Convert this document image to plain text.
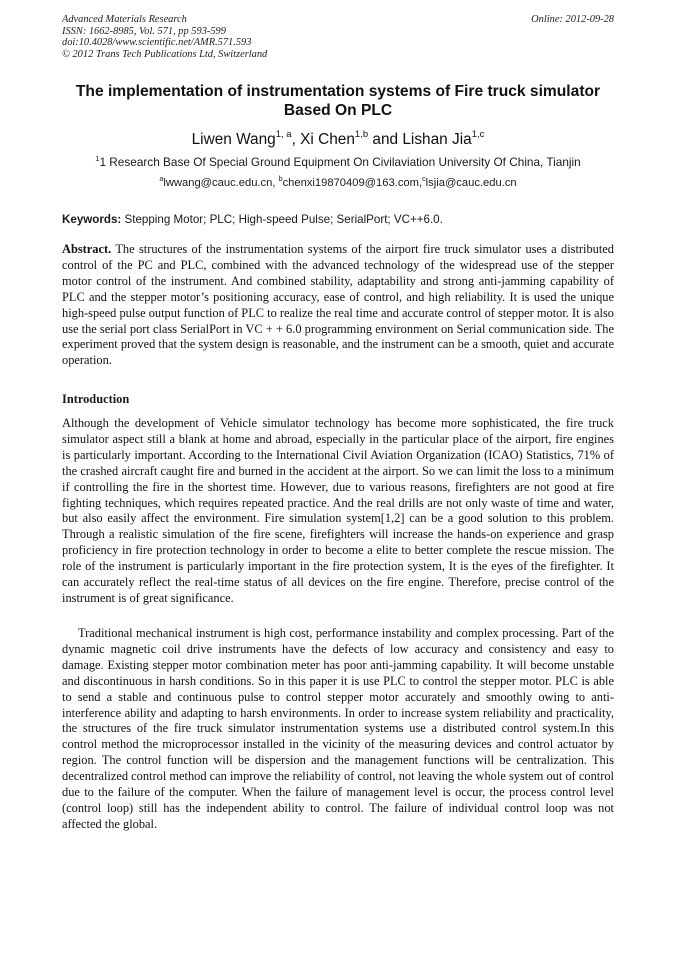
Advanced Materials Research
ISSN: 1662-8985, Vol. 571, pp 593-599
doi:10.4028/www.scientific.net/AMR.571.593
© 2012 Trans Tech Publications Ltd, Switzerland
Online: 2012-09-28
The implementation of instrumentation systems of Fire truck simulator
Based On PLC
Liwen Wang$^{1, a}$, Xi Chen$^{1,b}$ and Lishan Jia$^{1,c}$
$^1$1 Research Base Of Special Ground Equipment On Civilaviation University Of China, Tianjin
$^a$lwwang@cauc.edu.cn, $^b$chenxi19870409@163.com,$^c$lsjia@cauc.edu.cn
Keywords: Stepping Motor; PLC; High-speed Pulse; SerialPort; VC++6.0.
Abstract. The structures of the instrumentation systems of the airport fire truck simulator uses a distributed control of the PC and PLC, combined with the advanced technology of the widespread use of the stepper motor control of the instrument. And combined stability, adaptability and strong anti-jamming capability of PLC and the stepper motor’s positioning accuracy, ease of control, and high reliability. It is used the unique high-speed pulse output function of PLC to realize the real time and accurate control of stepper motor. It is also use the serial port class SerialPort in VC + + 6.0 programming environment on Serial communication side. The experiment proved that the system design is reasonable, and the instrument can be a smooth, quiet and accurate operation.
Introduction
Although the development of Vehicle simulator technology has become more sophisticated, the fire truck simulator aspect still a blank at home and abroad, especially in the particular place of the airport, fire engines is particularly important. According to the International Civil Aviation Organization (ICAO) Statistics, 71% of the crashed aircraft caught fire and burned in the accident at the airport. So we can limit the loss to a minimum if controlling the fire in the shortest time. However, due to various reasons, firefighters are not good at fire fighting techniques, which requires repeated practice. And the real drills are not only waste of time and water, but also easily affect the environment. Fire simulation system[1,2] can be a good solution to this problem. Through a realistic simulation of the fire scene, firefighters will increase the hands-on experience and grasp proficiency in fire protection technology in order to become a elite to better complete the rescue mission. The role of the instrument is particularly important in the fire protection system, It is the eyes of the firefighter. It can accurately reflect the real-time status of all devices on the fire engine. Therefore, precise control of the instrument is of great significance.
Traditional mechanical instrument is high cost, performance instability and complex processing. Part of the dynamic magnetic coil drive instruments have the defects of low accuracy and consistency and easy to damage. Existing stepper motor combination meter has poor anti-jamming capability. It will become unstable and discontinuous in harsh conditions. So in this paper it is use PLC to control the stepper motor. PLC is able to send a stable and continuous pulse to control stepper motor accurately and smoothly owing to anti-interference ability and adapting to harsh environments. In order to increase system reliability and practicality, the structures of the fire truck simulator instrumentation systems use a distributed control system.In this control method the microprocessor installed in the vicinity of the measuring devices and control actuator by region. The control function will be dispersion and the management functions will be centralization. This decentralized control method can improve the reliability of control, not leaving the whole system out of control due to the failure of the computer. When the failure of management level is occur, the process control level (control loop) still has the independent ability to control. The failure of individual control loop was not affected the global.
